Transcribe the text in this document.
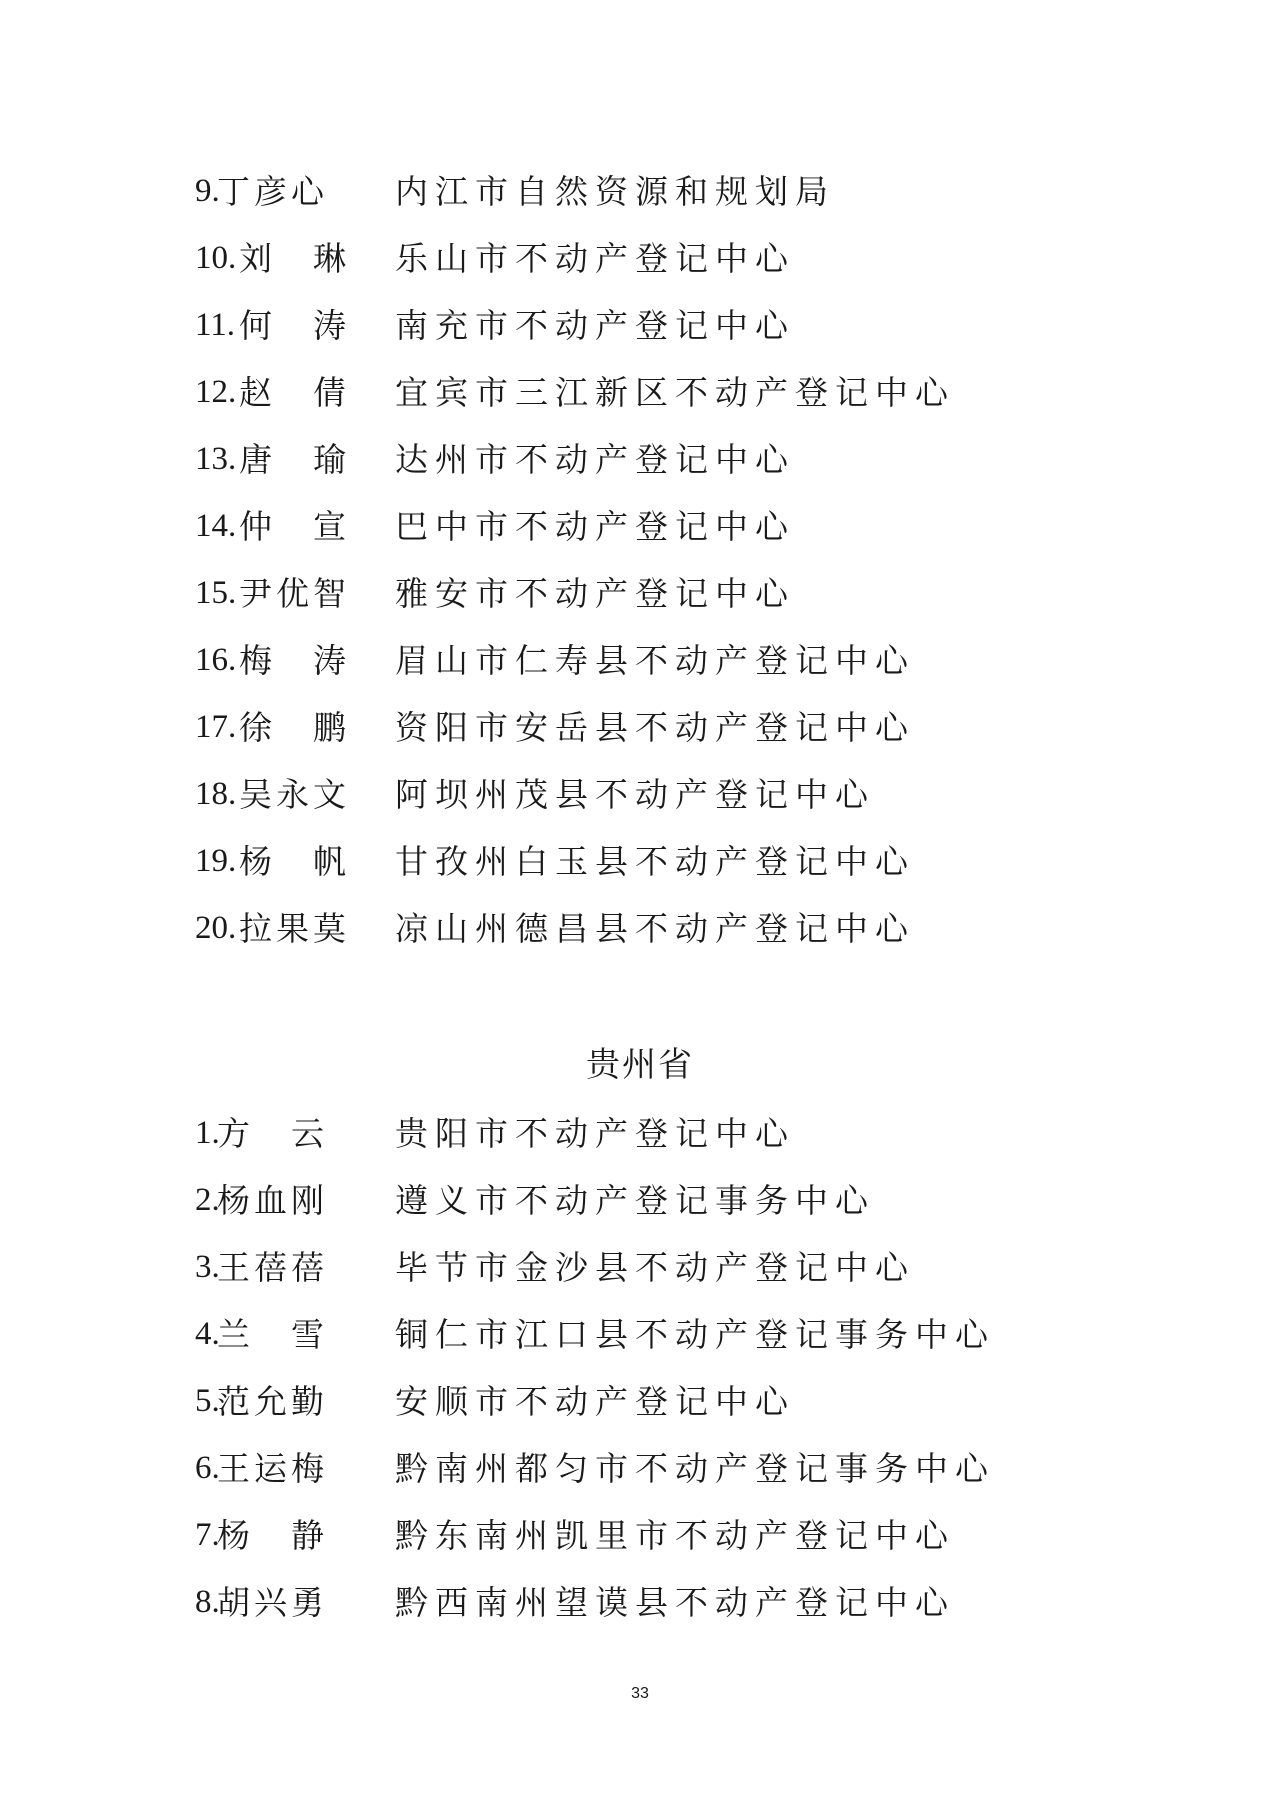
9.
丁彦心 内江市自然资源和规划局
10. 刘　琳 乐山市不动产登记中心
11. 何　涛 南充市不动产登记中心
12. 赵　倩 宜宾市三江新区不动产登记中心
13. 唐　瑜 达州市不动产登记中心
14. 仲　宣 巴中市不动产登记中心
15. 尹优智 雅安市不动产登记中心
16. 梅　涛 眉山市仁寿县不动产登记中心
17. 徐　鹏 资阳市安岳县不动产登记中心
18. 吴永文 阿坝州茂县不动产登记中心
19. 杨　帆 甘孜州白玉县不动产登记中心
20. 拉果莫 凉山州德昌县不动产登记中心
贵州省
1.
方　云 贵阳市不动产登记中心
2.
杨血刚 遵义市不动产登记事务中心
3.
王蓓蓓 毕节市金沙县不动产登记中心
4.
兰　雪 铜仁市江口县不动产登记事务中心
5.
范允勤 安顺市不动产登记中心
6.
王运梅 黔南州都匀市不动产登记事务中心
7.
杨　静 黔东南州凯里市不动产登记中心
8.
胡兴勇 黔西南州望谟县不动产登记中心
33
